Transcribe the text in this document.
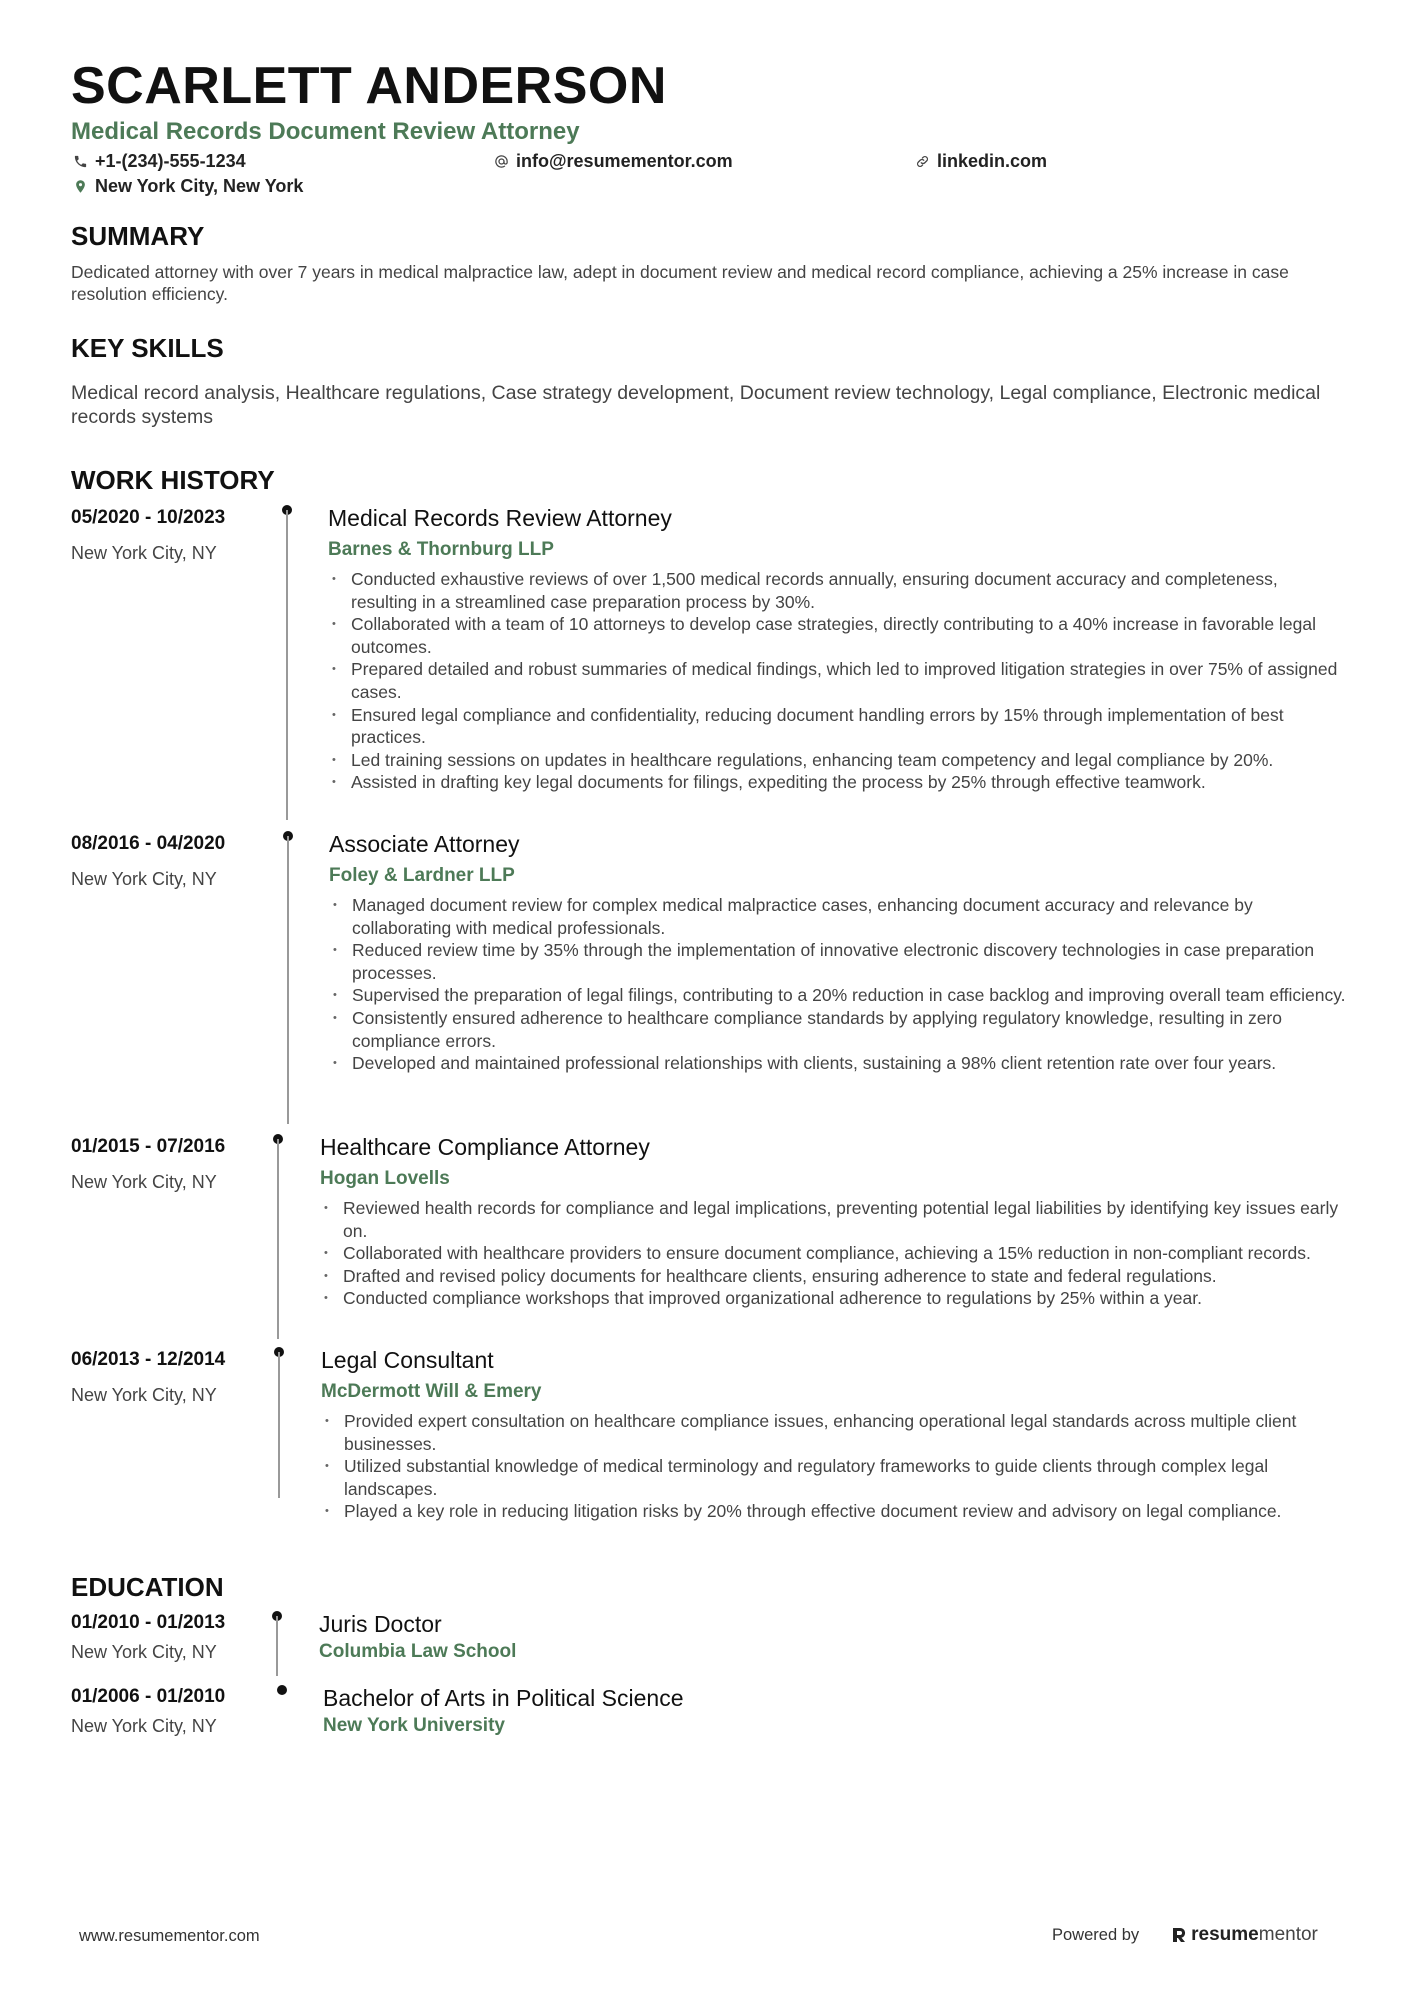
SCARLETT ANDERSON
Medical Records Document Review Attorney
+1-(234)-555-1234	info@resumementor.com	linkedin.com
New York City, New York
SUMMARY
Dedicated attorney with over 7 years in medical malpractice law, adept in document review and medical record compliance, achieving a 25% increase in case resolution efficiency.
KEY SKILLS
Medical record analysis, Healthcare regulations, Case strategy development, Document review technology, Legal compliance, Electronic medical records systems
WORK HISTORY
05/2020 - 10/2023
New York City, NY
Medical Records Review Attorney
Barnes & Thornburg LLP
• Conducted exhaustive reviews of over 1,500 medical records annually, ensuring document accuracy and completeness, resulting in a streamlined case preparation process by 30%.
• Collaborated with a team of 10 attorneys to develop case strategies, directly contributing to a 40% increase in favorable legal outcomes.
• Prepared detailed and robust summaries of medical findings, which led to improved litigation strategies in over 75% of assigned cases.
• Ensured legal compliance and confidentiality, reducing document handling errors by 15% through implementation of best practices.
• Led training sessions on updates in healthcare regulations, enhancing team competency and legal compliance by 20%.
• Assisted in drafting key legal documents for filings, expediting the process by 25% through effective teamwork.
08/2016 - 04/2020
New York City, NY
Associate Attorney
Foley & Lardner LLP
• Managed document review for complex medical malpractice cases, enhancing document accuracy and relevance by collaborating with medical professionals.
• Reduced review time by 35% through the implementation of innovative electronic discovery technologies in case preparation processes.
• Supervised the preparation of legal filings, contributing to a 20% reduction in case backlog and improving overall team efficiency.
• Consistently ensured adherence to healthcare compliance standards by applying regulatory knowledge, resulting in zero compliance errors.
• Developed and maintained professional relationships with clients, sustaining a 98% client retention rate over four years.
01/2015 - 07/2016
New York City, NY
Healthcare Compliance Attorney
Hogan Lovells
• Reviewed health records for compliance and legal implications, preventing potential legal liabilities by identifying key issues early on.
• Collaborated with healthcare providers to ensure document compliance, achieving a 15% reduction in non-compliant records.
• Drafted and revised policy documents for healthcare clients, ensuring adherence to state and federal regulations.
• Conducted compliance workshops that improved organizational adherence to regulations by 25% within a year.
06/2013 - 12/2014
New York City, NY
Legal Consultant
McDermott Will & Emery
• Provided expert consultation on healthcare compliance issues, enhancing operational legal standards across multiple client businesses.
• Utilized substantial knowledge of medical terminology and regulatory frameworks to guide clients through complex legal landscapes.
• Played a key role in reducing litigation risks by 20% through effective document review and advisory on legal compliance.
EDUCATION
01/2010 - 01/2013
New York City, NY
Juris Doctor
Columbia Law School
01/2006 - 01/2010
New York City, NY
Bachelor of Arts in Political Science
New York University
www.resumementor.com	Powered by	resume mentor
